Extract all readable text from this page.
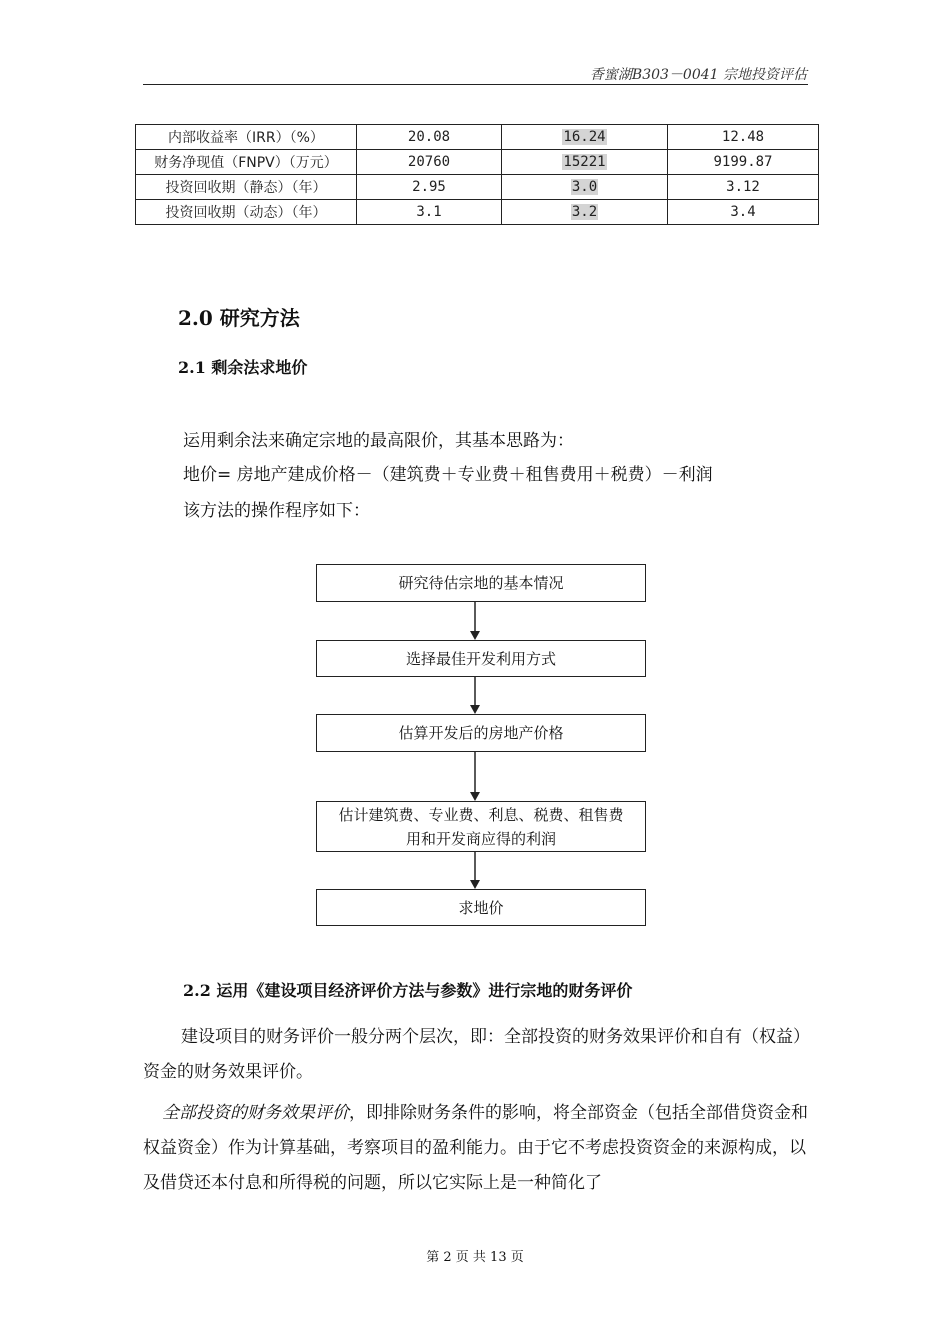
香蜜湖B303－0041 宗地投资评估
内部收益率（IRR）（%）	20.08	16.24	12.48
财务净现值（FNPV）（万元）	20760	15221	9199.87
投资回收期（静态）（年）	2.95	3.0	3.12
投资回收期（动态）（年）	3.1	3.2	3.4
2.0 研究方法
2.1 剩余法求地价
运用剩余法来确定宗地的最高限价，其基本思路为：
地价= 房地产建成价格－（建筑费＋专业费＋租售费用＋税费）－利润
该方法的操作程序如下：
研究待估宗地的基本情况
选择最佳开发利用方式
估算开发后的房地产价格
估计建筑费、专业费、利息、税费、租售费用和开发商应得的利润
求地价
2.2 运用《建设项目经济评价方法与参数》进行宗地的财务评价

建设项目的财务评价一般分两个层次，即：全部投资的财务效果评价和自有（权益）资金的财务效果评价。

全部投资的财务效果评价，即排除财务条件的影响，将全部资金（包括全部借贷资金和权益资金）作为计算基础，考察项目的盈利能力。由于它不考虑投资资金的来源构成，以及借贷还本付息和所得税的问题，所以它实际上是一种简化了

第 2 页 共 13 页
